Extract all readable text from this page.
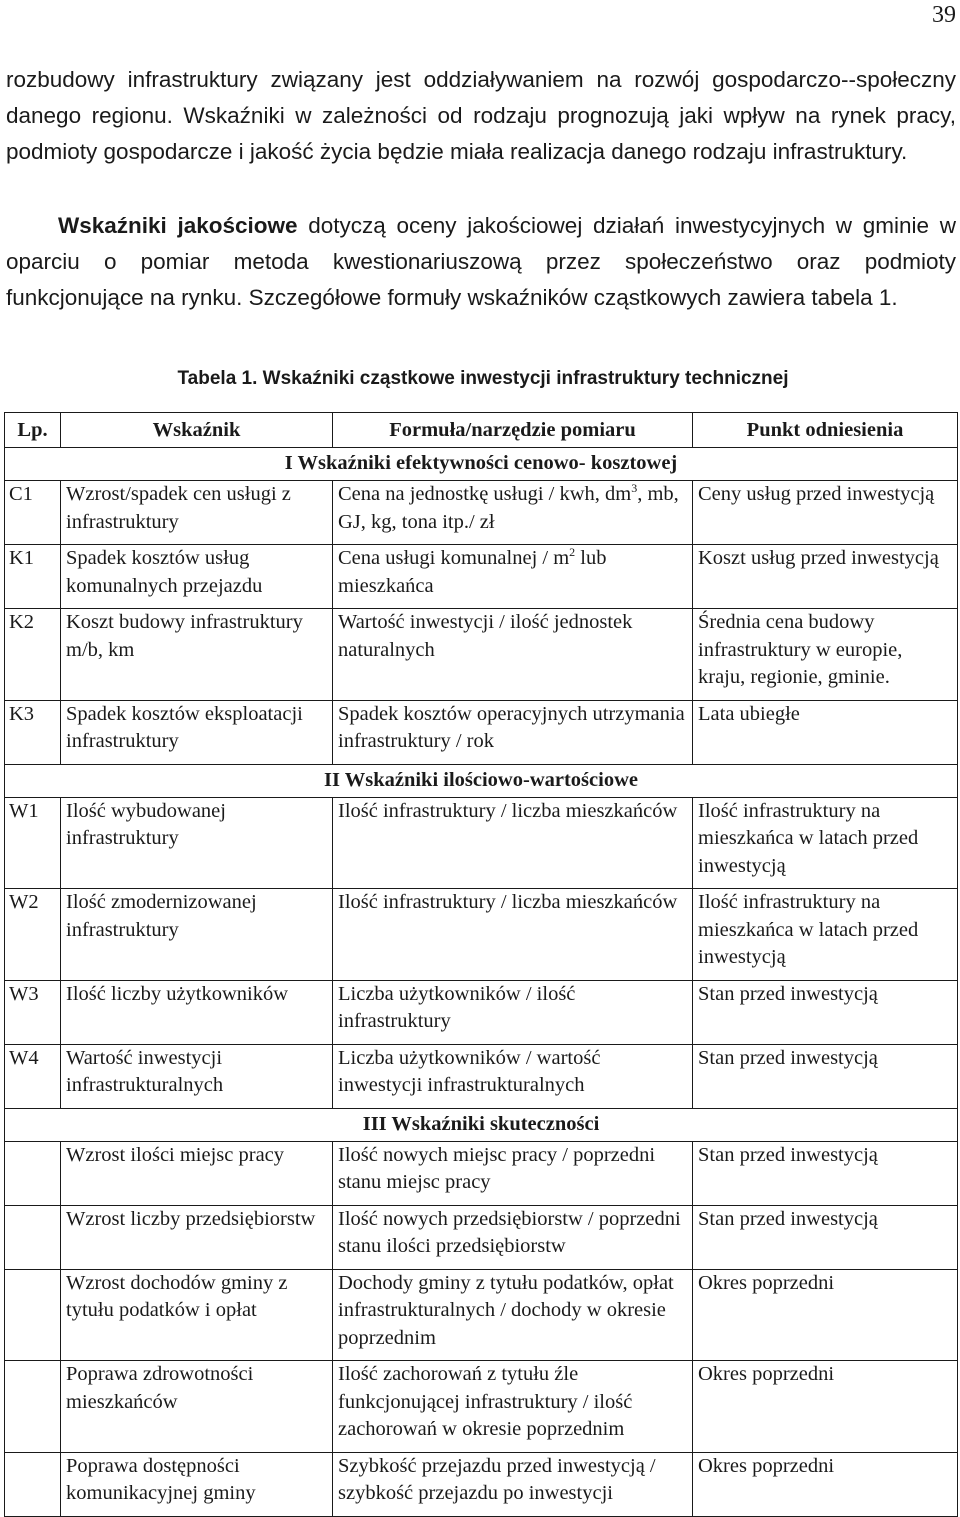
39

rozbudowy infrastruktury związany jest oddziaływaniem na rozwój gospodarczo--społeczny danego regionu. Wskaźniki w zależności od rodzaju prognozują jaki wpływ na rynek pracy, podmioty gospodarcze i jakość życia będzie miała realizacja danego rodzaju infrastruktury.

Wskaźniki jakościowe dotyczą oceny jakościowej działań inwestycyjnych w gminie w oparciu o pomiar metoda kwestionariuszową przez społeczeństwo oraz podmioty funkcjonujące na rynku. Szczegółowe formuły wskaźników cząstkowych zawiera tabela 1.

Tabela 1. Wskaźniki cząstkowe inwestycji infrastruktury technicznej
Lp.	Wskaźnik	Formuła/narzędzie pomiaru	Punkt odniesienia
I Wskaźniki efektywności cenowo- kosztowej			
C1	Wzrost/spadek cen usługi z infrastruktury	Cena na jednostkę usługi / kwh, $dm^3$, mb, GJ, kg, tona itp./ zł	Ceny usług przed inwestycją
K1	Spadek kosztów usług komunalnych przejazdu	Cena usługi komunalnej / $m^2$ lub mieszkańca	Koszt usług przed inwestycją
K2	Koszt budowy infrastruktury m/b, km	Wartość inwestycji / ilość jednostek naturalnych	Średnia cena budowy infrastruktury w europie, kraju, regionie, gminie.
K3	Spadek kosztów eksploatacji infrastruktury	Spadek kosztów operacyjnych utrzymania infrastruktury / rok	Lata ubiegłe
II Wskaźniki ilościowo-wartościowe			
W1	Ilość wybudowanej infrastruktury	Ilość infrastruktury / liczba mieszkańców	Ilość infrastruktury na mieszkańca w latach przed inwestycją
W2	Ilość zmodernizowanej infrastruktury	Ilość infrastruktury / liczba mieszkańców	Ilość infrastruktury na mieszkańca w latach przed inwestycją
W3	Ilość liczby użytkowników	Liczba użytkowników / ilość infrastruktury	Stan przed inwestycją
W4	Wartość inwestycji infrastrukturalnych	Liczba użytkowników / wartość inwestycji infrastrukturalnych	Stan przed inwestycją
III Wskaźniki skuteczności			
	Wzrost ilości miejsc pracy	Ilość nowych miejsc pracy / poprzedni stanu miejsc pracy	Stan przed inwestycją
	Wzrost liczby przedsiębiorstw	Ilość nowych przedsiębiorstw / poprzedni stanu ilości przedsiębiorstw	Stan przed inwestycją
	Wzrost dochodów gminy z tytułu podatków i opłat	Dochody gminy z tytułu podatków, opłat infrastrukturalnych / dochody w okresie poprzednim	Okres poprzedni
	Poprawa zdrowotności mieszkańców	Ilość zachorowań z tytułu źle funkcjonującej infrastruktury / ilość zachorowań w okresie poprzednim	Okres poprzedni
	Poprawa dostępności komunikacyjnej gminy	Szybkość przejazdu przed inwestycją / szybkość przejazdu po inwestycji	Okres poprzedni
